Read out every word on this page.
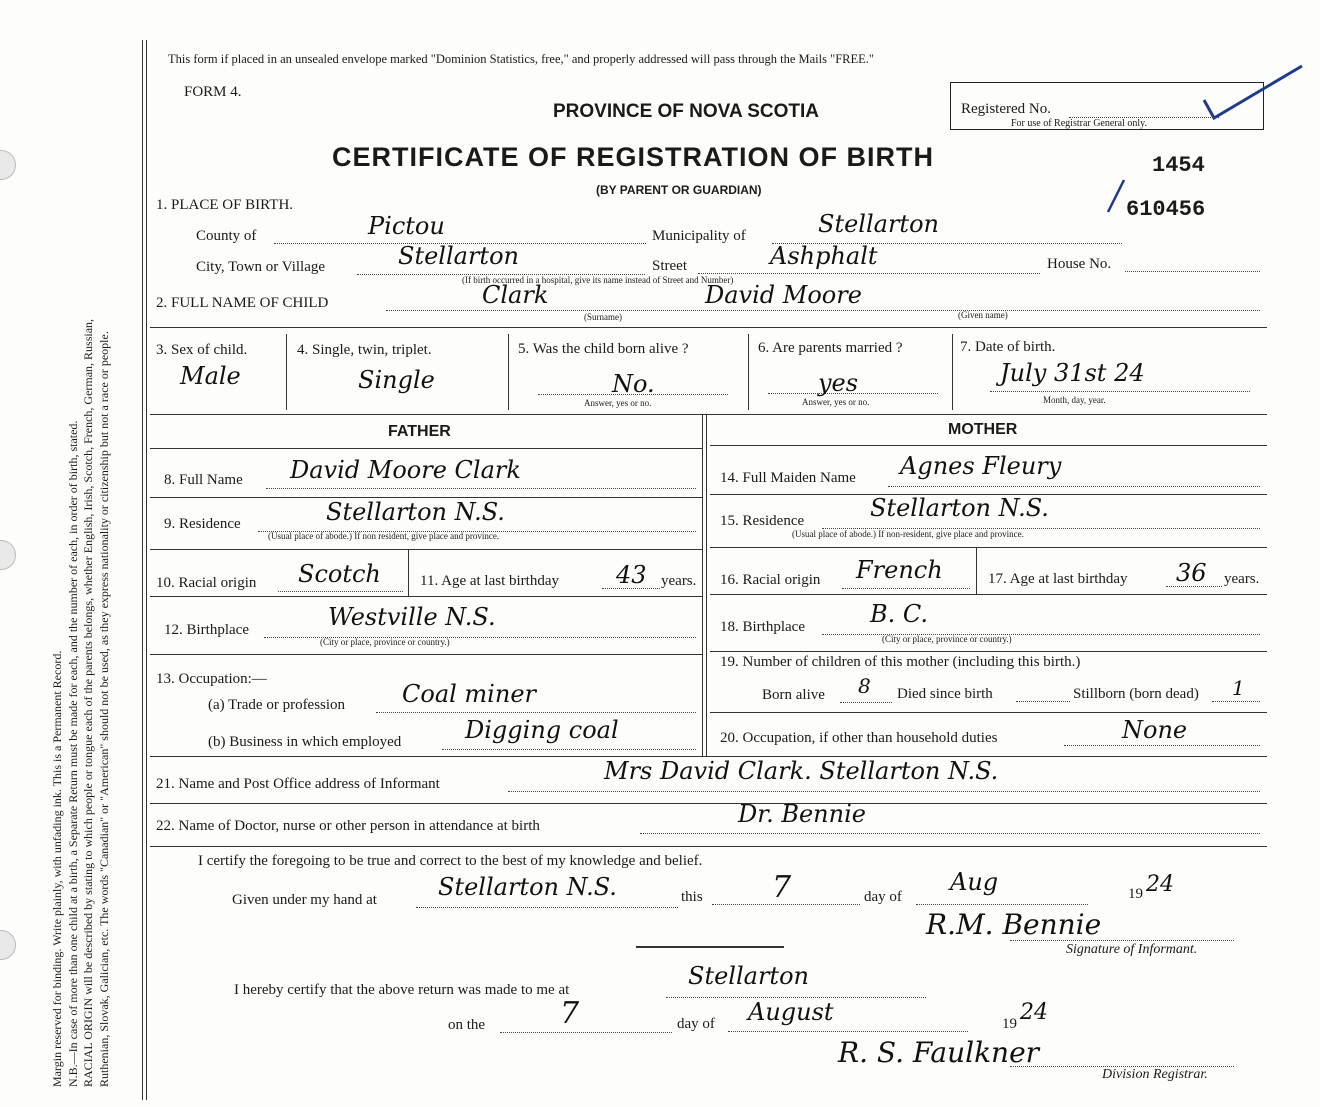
Margin reserved for binding. Write plainly, with unfading ink. This is a Permanent Record. N.B.—In case of more than one child at a birth, a Separate Return must be made for each, and the number of each, in order of birth, stated. RACIAL ORIGIN will be described by stating to which people or tongue each of the parents belongs, whether English, Irish, Scotch, French, German, Russian, Ruthenian, Slovak, Galician, etc. The words "Canadian" or "American" should not be used, as they express nationality or citizenship but not a race or people.
This form if placed in an unsealed envelope marked "Dominion Statistics, free," and properly addressed will pass through the Mails "FREE."
FORM 4.
PROVINCE OF NOVA SCOTIA
CERTIFICATE OF REGISTRATION OF BIRTH
(BY PARENT OR GUARDIAN)
Registered No.
For use of Registrar General only.
1454
610456
1. PLACE OF BIRTH.
County of	Pictou	Municipality of	Stellarton
City, Town or Village	Stellarton	Street	Ashphalt	House No.
(If birth occurred in a hospital, give its name instead of Street and Number)
2. FULL NAME OF CHILD	Clark	David Moore
(Surname)	(Given name)
3. Sex of child.
Male
4. Single, twin, triplet.
Single
5. Was the child born alive ?
No.
Answer, yes or no.
6. Are parents married ?
yes
Answer, yes or no.
7. Date of birth.
July 31st 24
Month, day, year.
FATHER	MOTHER
8. Full Name David Moore Clark
9. Residence	Stellarton N.S.
(Usual place of abode.) If non resident, give place and province.
10. Racial origin Scotch	11. Age at last birthday 43 years.
12. Birthplace	Westville N.S.
(City or place, province or country.)
13. Occupation:—
(a) Trade or profession Coal miner
(b) Business in which employed	Digging coal
14. Full Maiden Name Agnes Fleury
15. Residence	Stellarton N.S.
(Usual place of abode.) If non-resident, give place and province.
16. Racial origin French	17. Age at last birthday 36 years.
18. Birthplace	B. C.
(City or place, province or country.)
19. Number of children of this mother (including this birth.)
Born alive 8 Died since birth	Stillborn (born dead) 1
20. Occupation, if other than household duties	None
21. Name and Post Office address of Informant	Mrs David Clark. Stellarton N.S.
22. Name of Doctor, nurse or other person in attendance at birth	Dr. Bennie
I certify the foregoing to be true and correct to the best of my knowledge and belief.
Given under my hand at	Stellarton N.S.	this 7	day of
Aug	19 24
R.M. Bennie
Signature of Informant.
I hereby certify that the above return was made to me at	Stellarton
on the 7	day of August	19 24
R. S. Faulkner
Division Registrar.
